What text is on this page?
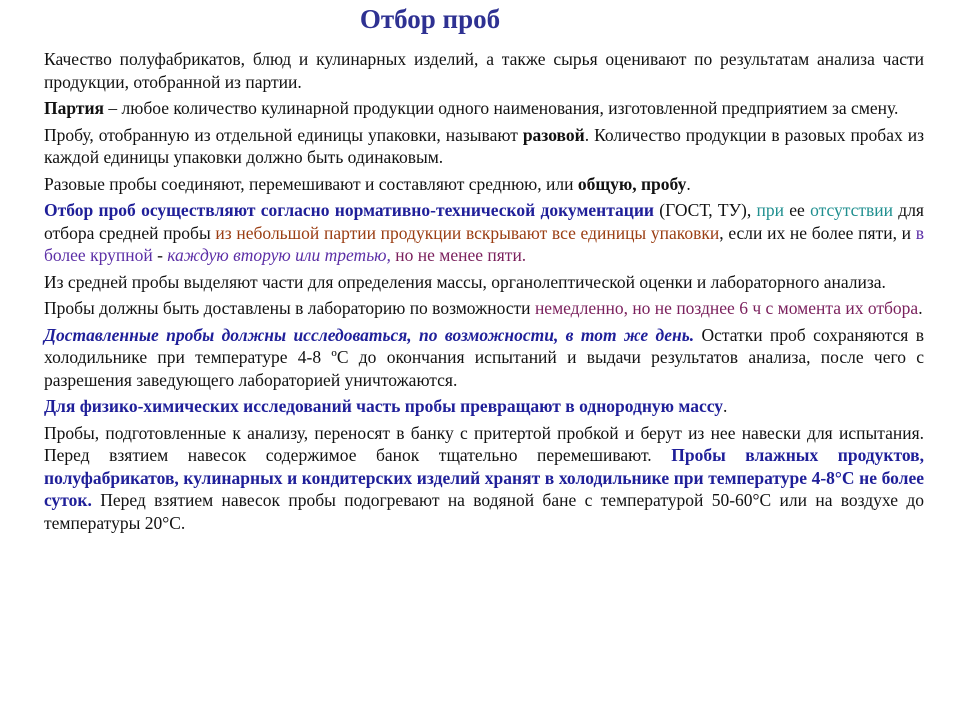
Отбор проб

Качество полуфабрикатов, блюд и кулинарных изделий, а также сырья оценивают по результатам анализа части продукции, отобранной из партии.

Партия – любое количество кулинарной продукции одного наименования, изготовленной предприятием за смену.

Пробу, отобранную из отдельной единицы упаковки, называют разовой. Количество продукции в разовых пробах из каждой единицы упаковки должно быть одинаковым.

Разовые пробы соединяют, перемешивают и составляют среднюю, или общую, пробу.

Отбор проб осуществляют согласно нормативно-технической документации (ГОСТ, ТУ), при ее отсутствии для отбора средней пробы из небольшой партии продукции вскрывают все единицы упаковки, если их не более пяти, и в более крупной - каждую вторую или третью, но не менее пяти.

Из средней пробы выделяют части для определения массы, органолептической оценки и лабораторного анализа.

Пробы должны быть доставлены в лабораторию по возможности немедленно, но не позднее 6 ч с момента их отбора.

Доставленные пробы должны исследоваться, по возможности, в тот же день. Остатки проб сохраняются в холодильнике при температуре 4-8 ºС до окончания испытаний и выдачи результатов анализа, после чего с разрешения заведующего лабораторией уничтожаются.

Для физико-химических исследований часть пробы превращают в однородную массу.

Пробы, подготовленные к анализу, переносят в банку с притертой пробкой и берут из нее навески для испытания. Перед взятием навесок содержимое банок тщательно перемешивают. Пробы влажных продуктов, полуфабрикатов, кулинарных и кондитерских изделий хранят в холодильнике при температуре 4-8°С не более суток. Перед взятием навесок пробы подогревают на водяной бане с температурой 50-60°С или на воздухе до температуры 20°С.
